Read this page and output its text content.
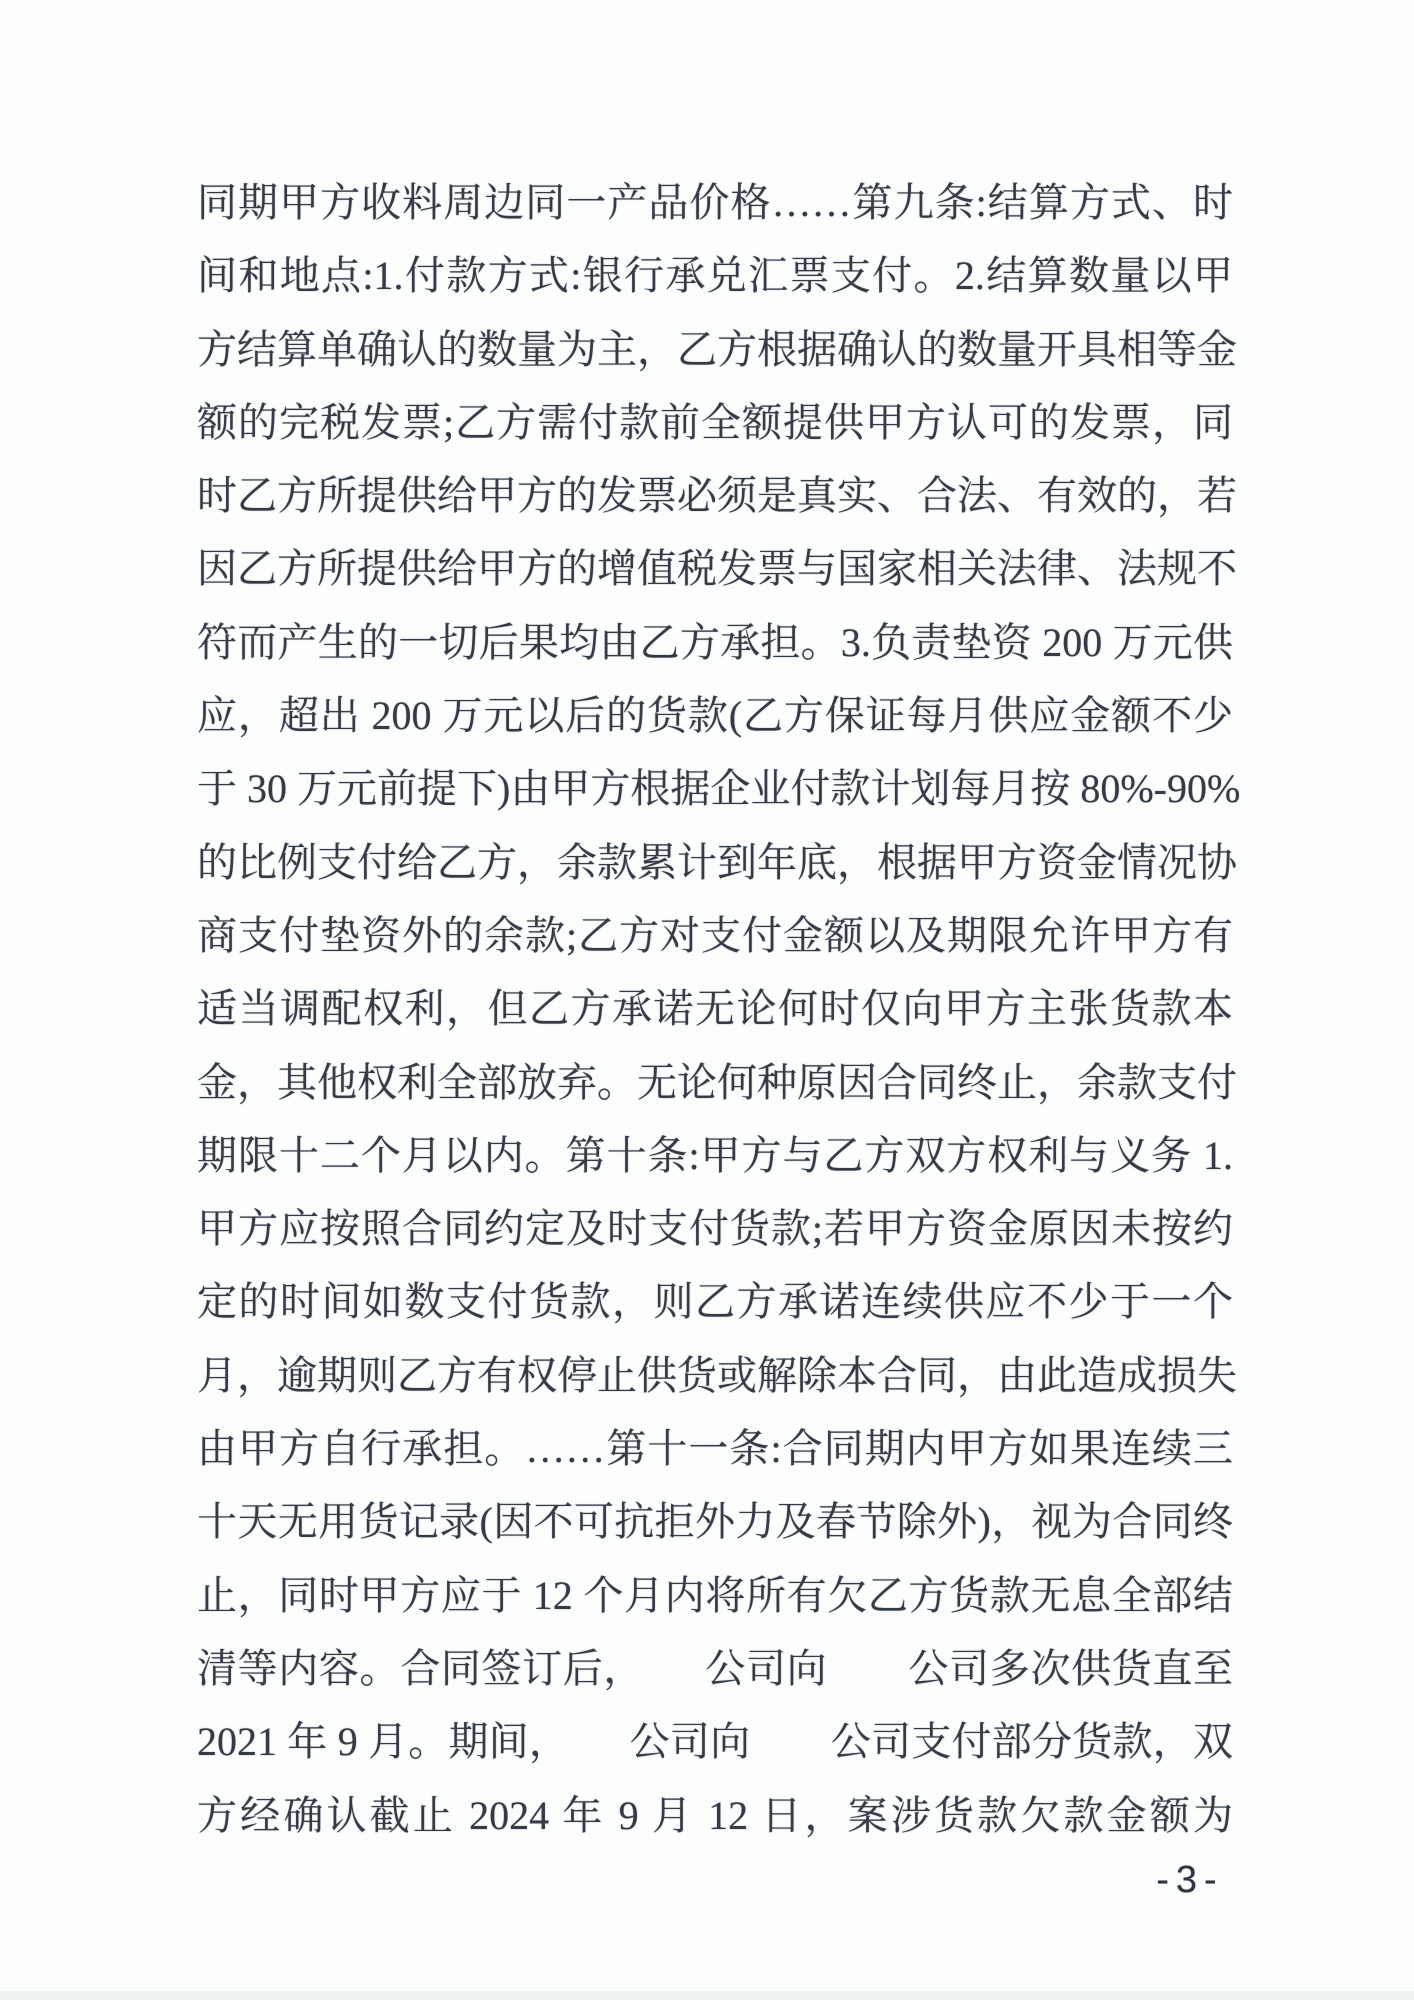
同期甲方收料周边同一产品价格……第九条:结算方式、时
间和地点:1.付款方式:银行承兑汇票支付。2.结算数量以甲
方结算单确认的数量为主，乙方根据确认的数量开具相等金
额的完税发票;乙方需付款前全额提供甲方认可的发票，同
时乙方所提供给甲方的发票必须是真实、合法、有效的，若
因乙方所提供给甲方的增值税发票与国家相关法律、法规不
符而产生的一切后果均由乙方承担。3.负责垫资 200 万元供
应，超出 200 万元以后的货款(乙方保证每月供应金额不少
于 30 万元前提下)由甲方根据企业付款计划每月按 80%-90%
的比例支付给乙方，余款累计到年底，根据甲方资金情况协
商支付垫资外的余款;乙方对支付金额以及期限允许甲方有
适当调配权利，但乙方承诺无论何时仅向甲方主张货款本
金，其他权利全部放弃。无论何种原因合同终止，余款支付
期限十二个月以内。第十条:甲方与乙方双方权利与义务 1.
甲方应按照合同约定及时支付货款;若甲方资金原因未按约
定的时间如数支付货款，则乙方承诺连续供应不少于一个
月，逾期则乙方有权停止供货或解除本合同，由此造成损失
由甲方自行承担。……第十一条:合同期内甲方如果连续三
十天无用货记录(因不可抗拒外力及春节除外)，视为合同终
止，同时甲方应于 12 个月内将所有欠乙方货款无息全部结
清等内容。合同签订后，　　公司向　　公司多次供货直至
2021 年 9 月。期间，　　公司向　　公司支付部分货款，双
方经确认截止 2024 年 9 月 12 日，案涉货款欠款金额为
-3-
